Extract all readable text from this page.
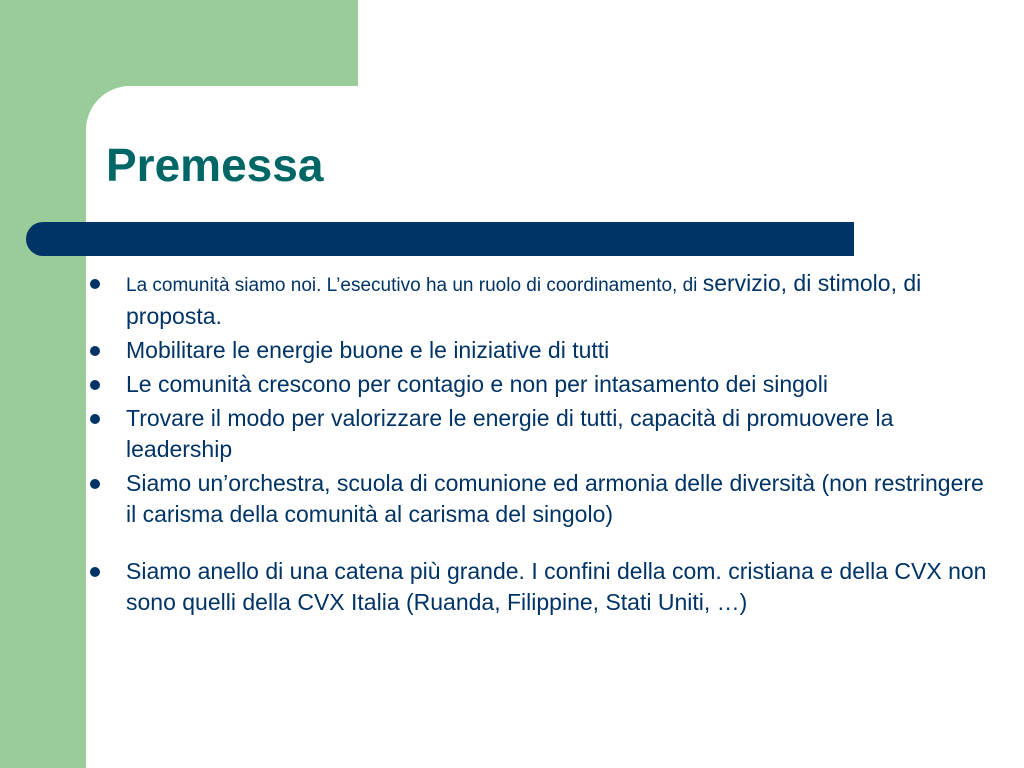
Premessa
La comunità siamo noi. L’esecutivo ha un ruolo di coordinamento, di servizio, di stimolo, di proposta.
Mobilitare le energie buone e le iniziative di tutti
Le comunità crescono per contagio e non per intasamento dei singoli
Trovare il modo per valorizzare le energie di tutti, capacità di promuovere la leadership
Siamo un’orchestra, scuola di comunione ed armonia delle diversità (non restringere il carisma della comunità al carisma del singolo)
Siamo anello di una catena più grande. I confini della com. cristiana e della CVX non sono quelli della CVX Italia (Ruanda, Filippine, Stati Uniti, …)
